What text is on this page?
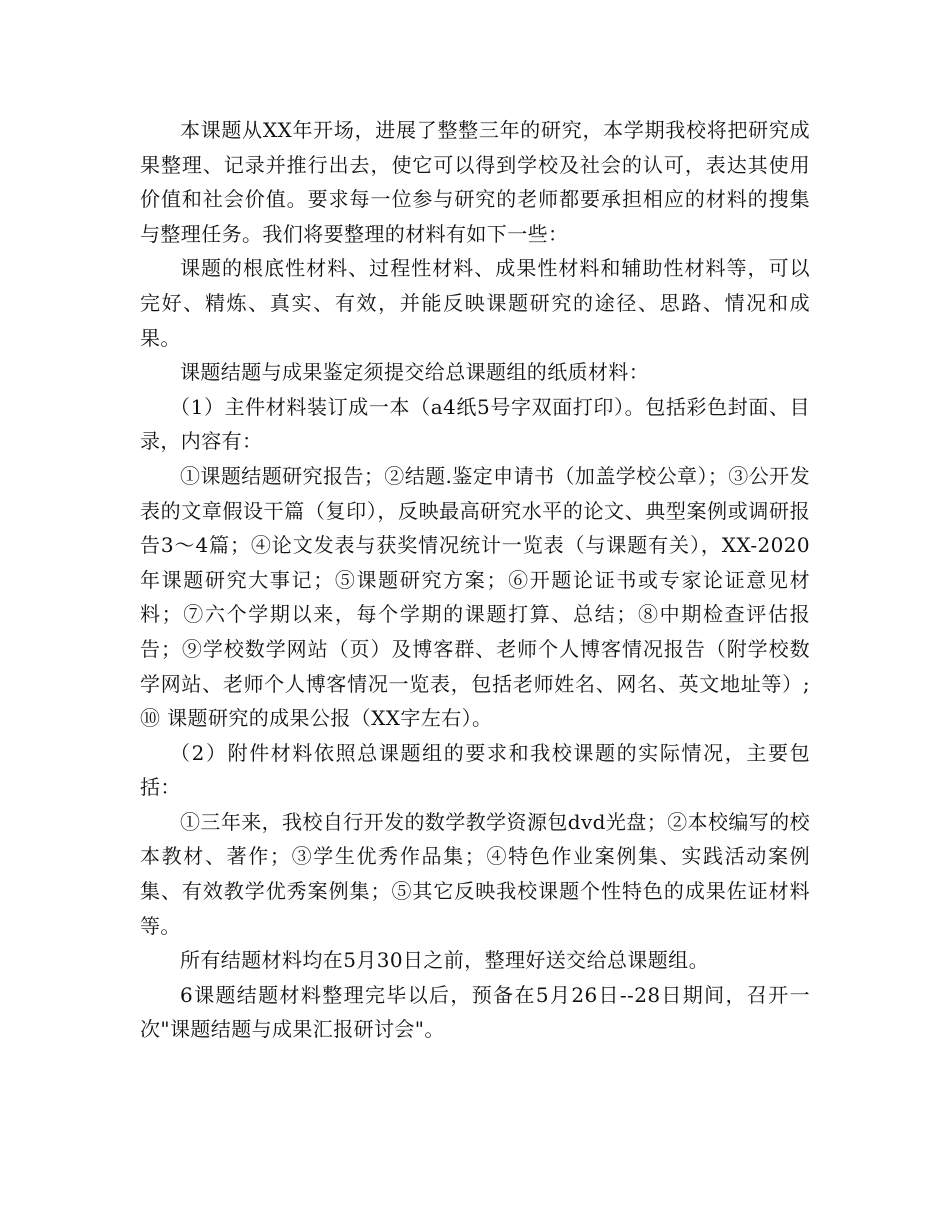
本课题从XX年开场，进展了整整三年的研究，本学期我校将把研究成果整理、记录并推行出去，使它可以得到学校及社会的认可，表达其使用价值和社会价值。要求每一位参与研究的老师都要承担相应的材料的搜集与整理任务。我们将要整理的材料有如下一些：

课题的根底性材料、过程性材料、成果性材料和辅助性材料等，可以完好、精炼、真实、有效，并能反映课题研究的途径、思路、情况和成果。

课题结题与成果鉴定须提交给总课题组的纸质材料：

（1）主件材料装订成一本（a4纸5号字双面打印）。包括彩色封面、目录，内容有：

①课题结题研究报告；②结题.鉴定申请书（加盖学校公章）；③公开发表的文章假设干篇（复印），反映最高研究水平的论文、典型案例或调研报告3～4篇；④论文发表与获奖情况统计一览表（与课题有关），XX-2020年课题研究大事记；⑤课题研究方案；⑥开题论证书或专家论证意见材料；⑦六个学期以来，每个学期的课题打算、总结；⑧中期检查评估报告；⑨学校数学网站（页）及博客群、老师个人博客情况报告（附学校数学网站、老师个人博客情况一览表，包括老师姓名、网名、英文地址等）;⑩ 课题研究的成果公报（XX字左右）。

（2）附件材料依照总课题组的要求和我校课题的实际情况，主要包括：

①三年来，我校自行开发的数学教学资源包dvd光盘；②本校编写的校本教材、著作；③学生优秀作品集；④特色作业案例集、实践活动案例集、有效教学优秀案例集；⑤其它反映我校课题个性特色的成果佐证材料等。

所有结题材料均在5月30日之前，整理好送交给总课题组。

6课题结题材料整理完毕以后，预备在5月26日--28日期间，召开一次"课题结题与成果汇报研讨会"。
